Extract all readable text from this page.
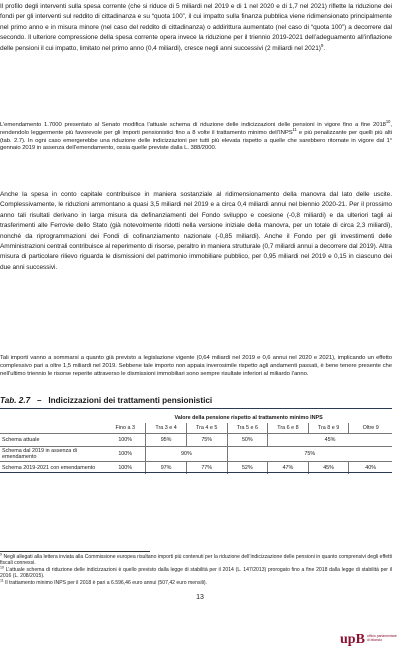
Il profilo degli interventi sulla spesa corrente (che si riduce di 5 miliardi nel 2019 e di 1 nel 2020 e di 1,7 nel 2021) riflette la riduzione dei fondi per gli interventi sul reddito di cittadinanza e su “quota 100”, il cui impatto sulla finanza pubblica viene ridimensionato principalmente nel primo anno e in misura minore (nel caso del reddito di cittadinanza) o addirittura aumentato (nel caso di “quota 100”) a decorrere dal secondo. Il ulteriore compressione della spesa corrente opera invece la riduzione per il triennio 2019-2021 dell’adeguamento all’inflazione delle pensioni il cui impatto, limitato nel primo anno (0,4 miliardi), cresce negli anni successivi (2 miliardi nel 2021)$^9$.

L’emendamento 1.7000 presentato al Senato modifica l’attuale schema di riduzione delle indicizzazioni delle pensioni in vigore fino a fine 2018$^{10}$, rendendolo leggermente più favorevole per gli importi pensionistici fino a 8 volte il trattamento minimo dell’INPS$^{11}$ e più penalizzante per quelli più alti (tab. 2.7). In ogni caso emergerebbe una riduzione delle indicizzazioni per tutti più elevata rispetto a quelle che sarebbero ritornate in vigore dal 1° gennaio 2019 in assenza dell’emendamento, ossia quelle previste dalla L. 388/2000.

Anche la spesa in conto capitale contribuisce in maniera sostanziale al ridimensionamento della manovra dal lato delle uscite. Complessivamente, le riduzioni ammontano a quasi 3,5 miliardi nel 2019 e a circa 0,4 miliardi annui nel biennio 2020-21. Per il prossimo anno tali risultati derivano in larga misura da definanziamenti del Fondo sviluppo e coesione (-0,8 miliardi) e da ulteriori tagli ai trasferimenti alle Ferrovie dello Stato (già notevolmente ridotti nella versione iniziale della manovra, per un totale di circa 2,3 miliardi), nonché da riprogrammazioni dei Fondi di cofinanziamento nazionale (-0,85 miliardi). Anche il Fondo per gli investimenti delle Amministrazioni centrali contribuisce al reperimento di risorse, peraltro in maniera strutturale (0,7 miliardi annui a decorrere dal 2019). Altra misura di particolare rilievo riguarda le dismissioni del patrimonio immobiliare pubblico, per 0,95 miliardi nel 2019 e 0,15 in ciascuno dei due anni successivi.

Tali importi vanno a sommarsi a quanto già previsto a legislazione vigente (0,64 miliardi nel 2019 e 0,6 annui nel 2020 e 2021), implicando un effetto complessivo pari a oltre 1,5 miliardi nel 2019. Sebbene tale importo non appaia inverosimile rispetto agli andamenti passati, è bene tenere presente che nell’ultimo triennio le risorse reperite attraverso le dismissioni immobiliari sono sempre risultate inferiori al miliardo l’anno.

Tab. 2.7 – Indicizzazioni dei trattamenti pensionistici
	Valore della pensione rispetto al trattamento minimo INPS						
	Fino a 3	Tra 3 e 4	Tra 4 e 5	Tra 5 e 6	Tra 6 e 8	Tra 8 e 9	Oltre 9
Schema attuale	100%	95%	75%	50%	45%		
Schema dal 2019 in assenza di emendamento	100%	90%		75%			
Schema 2019-2021 con emendamento	100%	97%	77%	52%	47%	45%	40%

$^9$ Negli allegati alla lettera inviata alla Commissione europea risultano importi più contenuti per la riduzione dell’indicizzazione delle pensioni in quanto comprensivi degli effetti fiscali connessi.

$^{10}$ L’attuale schema di riduzione delle indicizzazioni è quello previsto dalla legge di stabilità per il 2014 (L. 147/2013) prorogato fino a fine 2018 dalla legge di stabilità per il 2016 (L. 208/2015).

$^{11}$ Il trattamento minimo INPS per il 2018 è pari a 6.596,46 euro annui (507,42 euro mensili).

13
upB ufficio parlamentare di bilancio
